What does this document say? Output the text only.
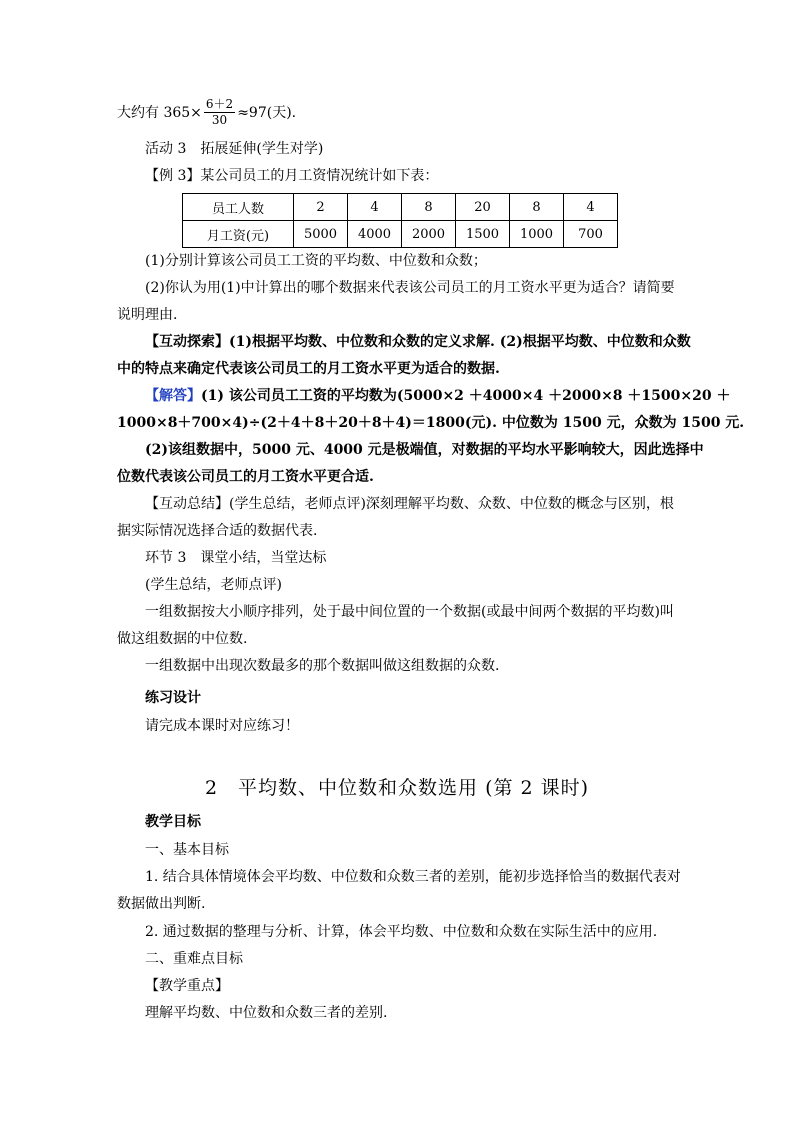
大约有 $365\times \frac{6+2}{30} \approx 97$(天).
活动 3　拓展延伸(学生对学)
【例 3】某公司员工的月工资情况统计如下表：
员工人数	2	4	8	20	8	4
月工资(元)	5000	4000	2000	1500	1000	700
(1)分别计算该公司员工工资的平均数、中位数和众数；
(2)你认为用(1)中计算出的哪个数据来代表该公司员工的月工资水平更为适合？请简要
说明理由.
【互动探索】(1)根据平均数、中位数和众数的定义求解. (2)根据平均数、中位数和众数
中的特点来确定代表该公司员工的月工资水平更为适合的数据.
【解答】(1) 该公司员工工资的平均数为(5000×2 ＋4000×4 ＋2000×8 ＋1500×20 ＋
1000×8＋700×4)÷(2＋4＋8＋20＋8＋4)＝1800(元). 中位数为 1500 元，众数为 1500 元.
(2)该组数据中，5000 元、4000 元是极端值，对数据的平均水平影响较大，因此选择中
位数代表该公司员工的月工资水平更合适.
【互动总结】(学生总结，老师点评)深刻理解平均数、众数、中位数的概念与区别，根
据实际情况选择合适的数据代表.
环节 3　课堂小结，当堂达标
(学生总结，老师点评)
一组数据按大小顺序排列，处于最中间位置的一个数据(或最中间两个数据的平均数)叫
做这组数据的中位数.
一组数据中出现次数最多的那个数据叫做这组数据的众数.
练习设计
请完成本课时对应练习！
2　平均数、中位数和众数选用 (第 2 课时)
教学目标
一、基本目标
1. 结合具体情境体会平均数、中位数和众数三者的差别，能初步选择恰当的数据代表对
数据做出判断.
2. 通过数据的整理与分析、计算，体会平均数、中位数和众数在实际生活中的应用.
二、重难点目标
【教学重点】
理解平均数、中位数和众数三者的差别.
